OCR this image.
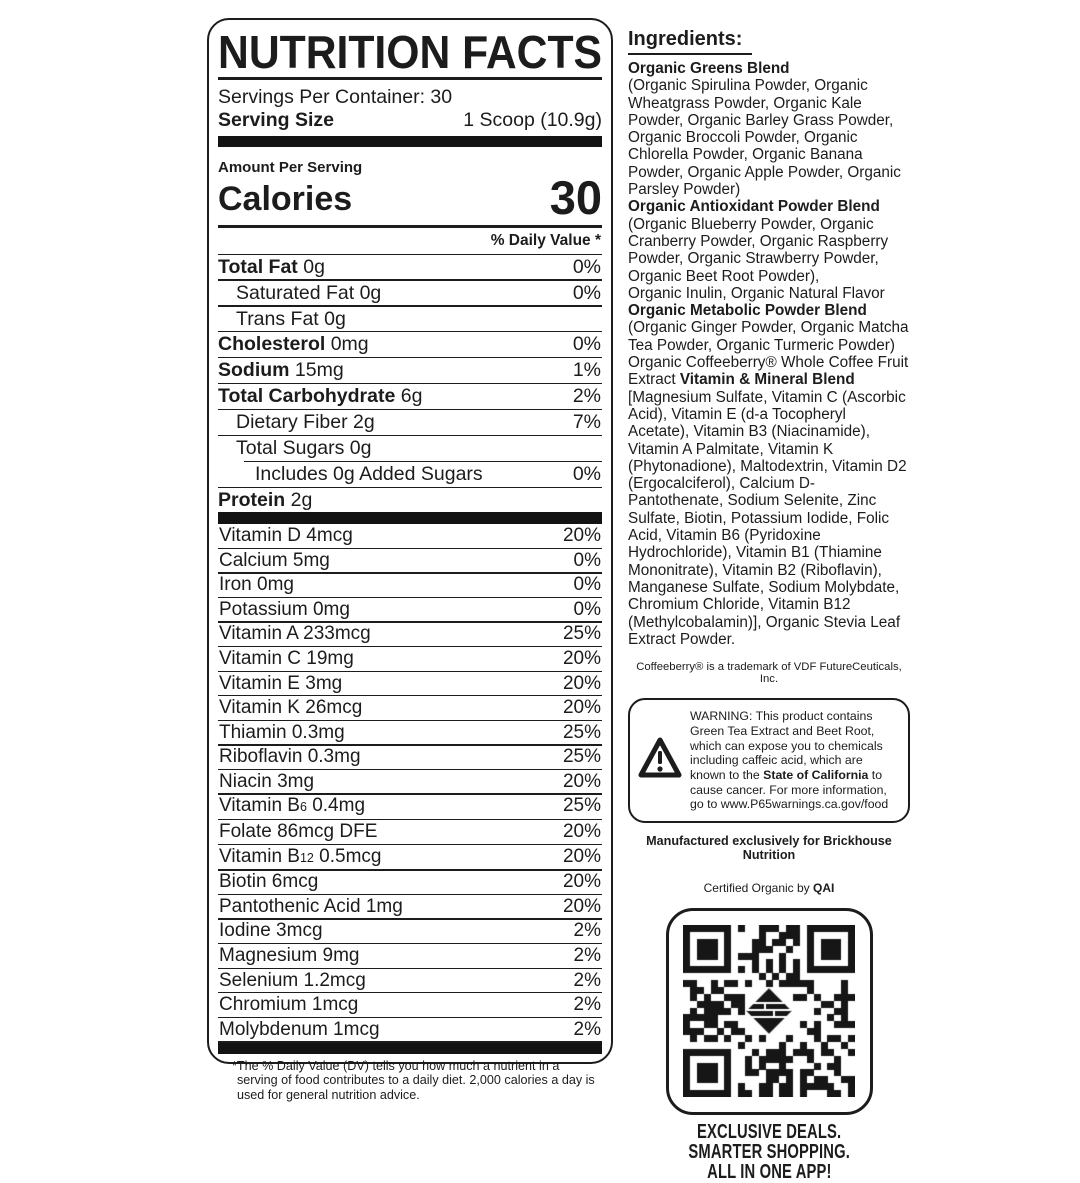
NUTRITION FACTS
Servings Per Container: 30
Serving Size	1 Scoop (10.9g)
Amount Per Serving
Calories	30
% Daily Value *
Total Fat 0g	0%
Saturated Fat 0g	0%
Trans Fat 0g
Cholesterol 0mg	0%
Sodium 15mg	1%
Total Carbohydrate 6g	2%
Dietary Fiber 2g	7%
Total Sugars 0g
Includes 0g Added Sugars	0%
Protein 2g
Vitamin D 4mcg	20%
Calcium 5mg	0%
Iron 0mg	0%
Potassium 0mg	0%
Vitamin A 233mcg	25%
Vitamin C 19mg	20%
Vitamin E 3mg	20%
Vitamin K 26mcg	20%
Thiamin 0.3mg	25%
Riboflavin 0.3mg	25%
Niacin 3mg	20%
Vitamin B6 0.4mg	25%
Folate 86mcg DFE	20%
Vitamin B12 0.5mcg	20%
Biotin 6mcg	20%
Pantothenic Acid 1mg	20%
Iodine 3mcg	2%
Magnesium 9mg	2%
Selenium 1.2mcg	2%
Chromium 1mcg	2%
Molybdenum 1mcg	2%
*The % Daily Value (DV) tells you how much a nutrient in a serving of food contributes to a daily diet. 2,000 calories a day is used for general nutrition advice.
Ingredients:

Organic Greens Blend
(Organic Spirulina Powder, Organic Wheatgrass Powder, Organic Kale Powder, Organic Barley Grass Powder, Organic Broccoli Powder, Organic Chlorella Powder, Organic Banana Powder, Organic Apple Powder, Organic Parsley Powder)
Organic Antioxidant Powder Blend
(Organic Blueberry Powder, Organic Cranberry Powder, Organic Raspberry Powder, Organic Strawberry Powder, Organic Beet Root Powder),
Organic Inulin, Organic Natural Flavor
Organic Metabolic Powder Blend
(Organic Ginger Powder, Organic Matcha Tea Powder, Organic Turmeric Powder)
Organic Coffeeberry® Whole Coffee Fruit Extract Vitamin & Mineral Blend
[Magnesium Sulfate, Vitamin C (Ascorbic Acid), Vitamin E (d-a Tocopheryl Acetate), Vitamin B3 (Niacinamide), Vitamin A Palmitate, Vitamin K (Phytonadione), Maltodextrin, Vitamin D2 (Ergocalciferol), Calcium D-Pantothenate, Sodium Selenite, Zinc Sulfate, Biotin, Potassium Iodide, Folic Acid, Vitamin B6 (Pyridoxine Hydrochloride), Vitamin B1 (Thiamine Mononitrate), Vitamin B2 (Riboflavin), Manganese Sulfate, Sodium Molybdate, Chromium Chloride, Vitamin B12 (Methylcobalamin)], Organic Stevia Leaf Extract Powder.

Coffeeberry® is a trademark of VDF FutureCeuticals, Inc.

WARNING: This product contains Green Tea Extract and Beet Root, which can expose you to chemicals including caffeic acid, which are known to the State of California to cause cancer. For more information, go to www.P65warnings.ca.gov/food

Manufactured exclusively for Brickhouse Nutrition
Certified Organic by QAI
EXCLUSIVE DEALS.
SMARTER SHOPPING.
ALL IN ONE APP!
